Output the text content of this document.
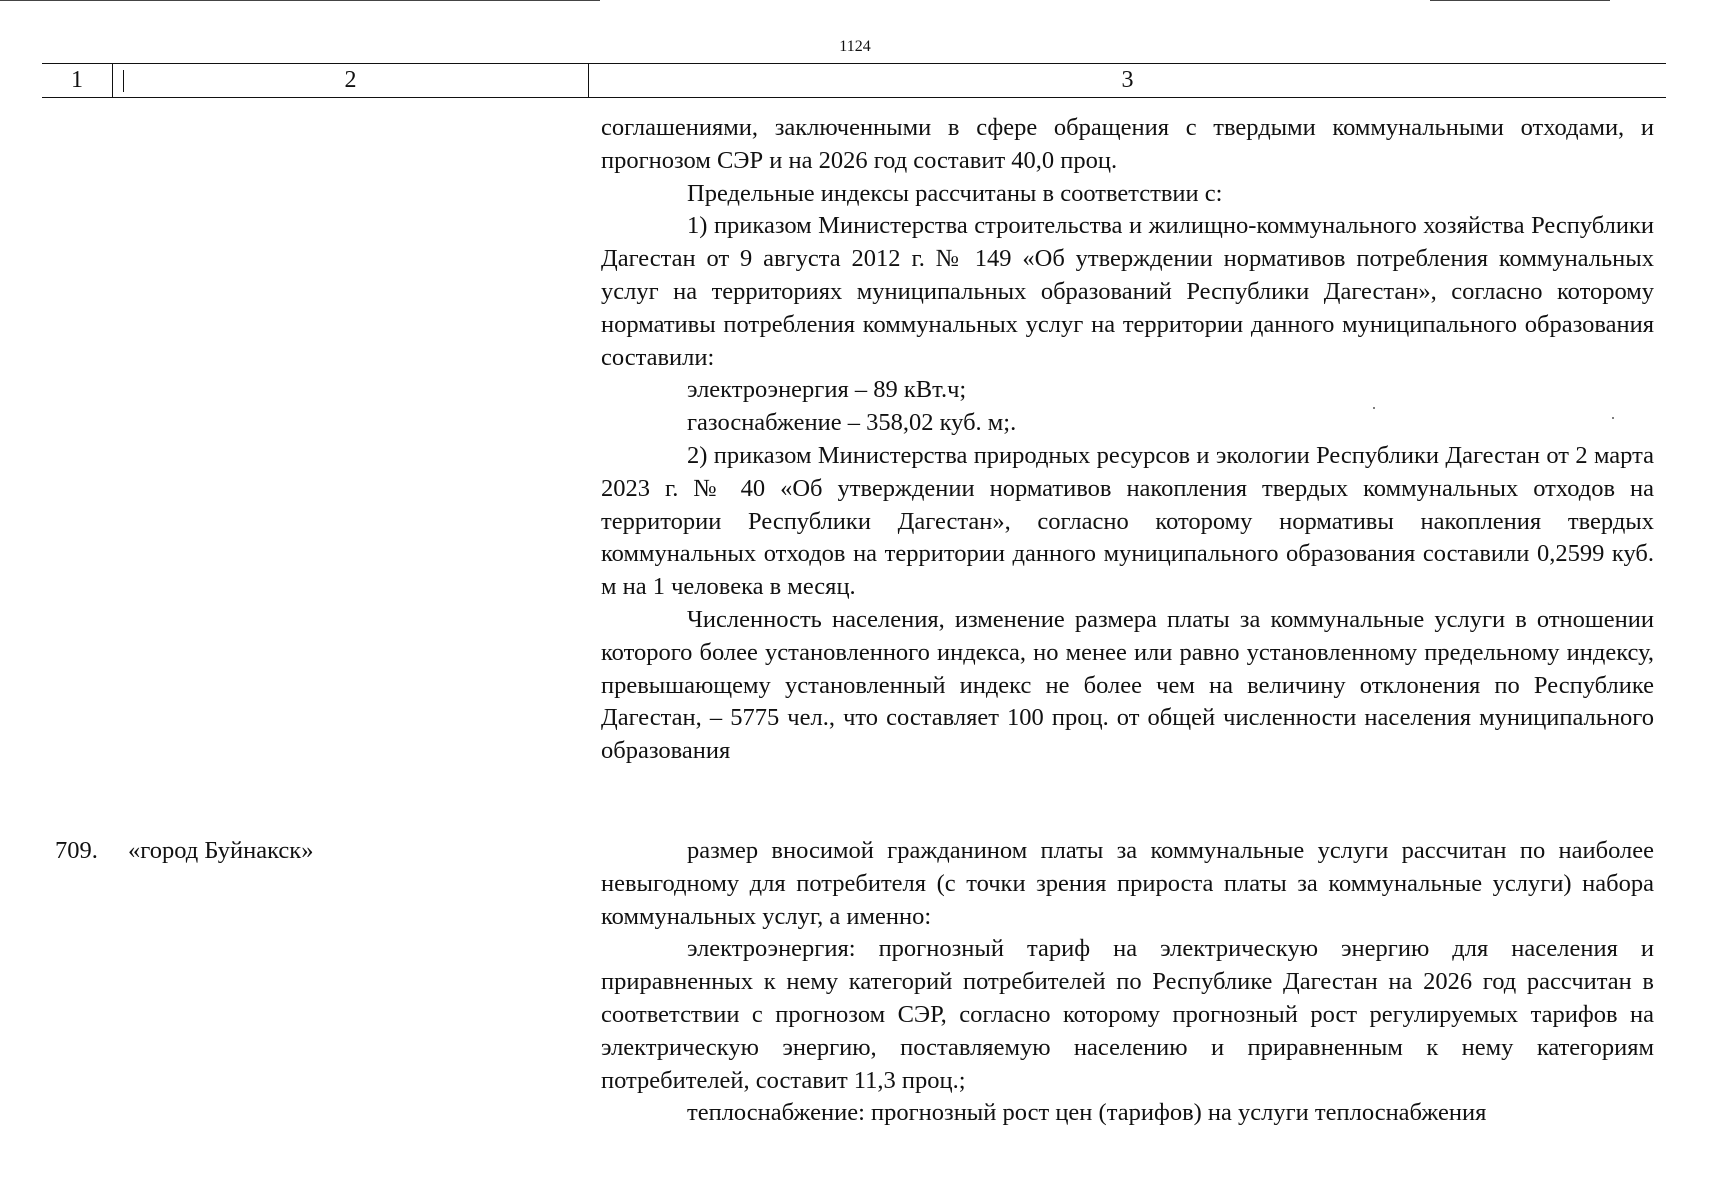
1124
1	2	3

соглашениями, заключенными в сфере обращения с твердыми коммунальными отходами, и прогнозом СЭР и на 2026 год составит 40,0 проц.

Предельные индексы рассчитаны в соответствии с:

1) приказом Министерства строительства и жилищно-коммунального хозяйства Республики Дагестан от 9 августа 2012 г. № 149 «Об утверждении нормативов потребления коммунальных услуг на территориях муниципальных образований Республики Дагестан», согласно которому нормативы потребления коммунальных услуг на территории данного муниципального образования составили:

электроэнергия – 89 кВт.ч;

газоснабжение – 358,02 куб. м;.

2) приказом Министерства природных ресурсов и экологии Республики Дагестан от 2 марта 2023 г. № 40 «Об утверждении нормативов накопления твердых коммунальных отходов на территории Республики Дагестан», согласно которому нормативы накопления твердых коммунальных отходов на территории данного муниципального образования составили 0,2599 куб. м на 1 человека в месяц.

Численность населения, изменение размера платы за коммунальные услуги в отношении которого более установленного индекса, но менее или равно установленному предельному индексу, превышающему установленный индекс не более чем на величину отклонения по Республике Дагестан, – 5775 чел., что составляет 100 проц. от общей численности населения муниципального образования

709. «город Буйнакск»	размер вносимой гражданином платы за коммунальные услуги рассчитан по наиболее невыгодному для потребителя (с точки зрения прироста платы за коммунальные услуги) набора коммунальных услуг, а именно:

электроэнергия: прогнозный тариф на электрическую энергию для населения и приравненных к нему категорий потребителей по Республике Дагестан на 2026 год рассчитан в соответствии с прогнозом СЭР, согласно которому прогнозный рост регулируемых тарифов на электрическую энергию, поставляемую населению и приравненным к нему категориям потребителей, составит 11,3 проц.;

теплоснабжение: прогнозный рост цен (тарифов) на услуги теплоснабжения
